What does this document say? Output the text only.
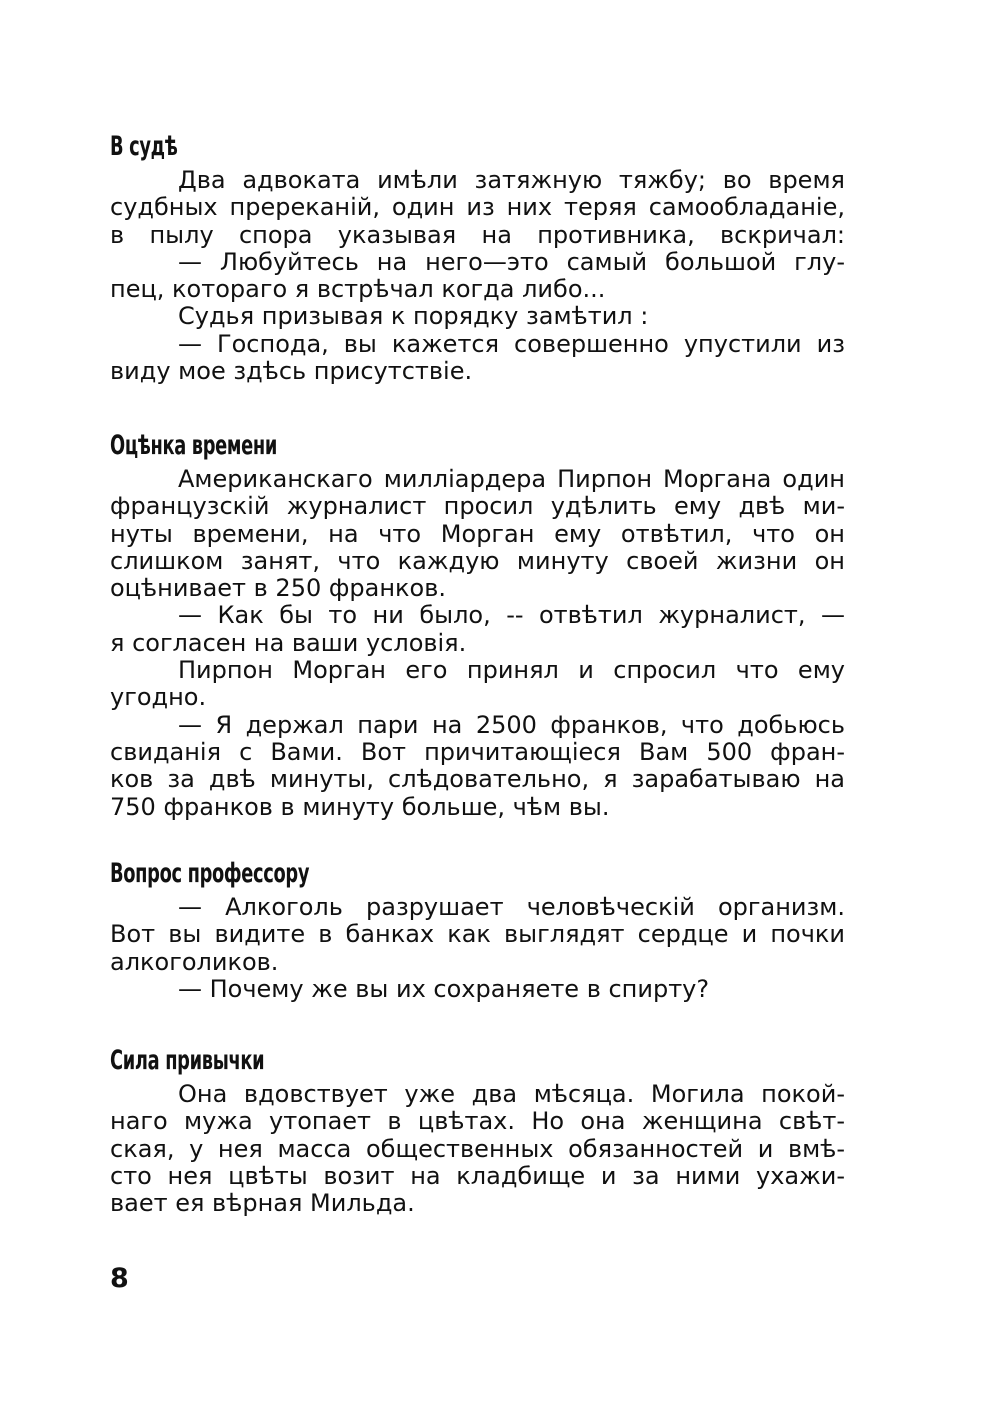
В судѣ
Два адвоката имѣли затяжную тяжбу; во время
судбных пререканій, один из них теряя самообладаніе,
в пылу спора указывая на противника, вскричал:
— Любуйтесь на него—это самый большой глу-
пец, котораго я встрѣчал когда либо...
Судья призывая к порядку замѣтил :
— Господа, вы кажется совершенно упустили из
виду мое здѣсь присутствіе.
Оцѣнка времени
Американскаго милліардера Пирпон Моргана один
французскій журналист просил удѣлить ему двѣ ми-
нуты времени, на что Морган ему отвѣтил, что он
слишком занят, что каждую минуту своей жизни он
оцѣнивает в 250 франков.
— Как бы то ни было, -- отвѣтил журналист, —
я согласен на ваши условія.
Пирпон Морган его принял и спросил что ему
угодно.
— Я держал пари на 2500 франков, что добьюсь
свиданія с Вами. Вот причитающіеся Вам 500 фран-
ков за двѣ минуты, слѣдовательно, я зарабатываю на
750 франков в минуту больше, чѣм вы.
Вопрос профессору
— Алкоголь разрушает человѣческій организм.
Вот вы видите в банках как выглядят сердце и почки
алкоголиков.
— Почему же вы их сохраняете в спирту?
Сила привычки
Она вдовствует уже два мѣсяца. Могила покой-
наго мужа утопает в цвѣтах. Но она женщина свѣт-
ская, у нея масса общественных обязанностей и вмѣ-
сто нея цвѣты возит на кладбище и за ними ухажи-
вает ея вѣрная Мильда.
8
